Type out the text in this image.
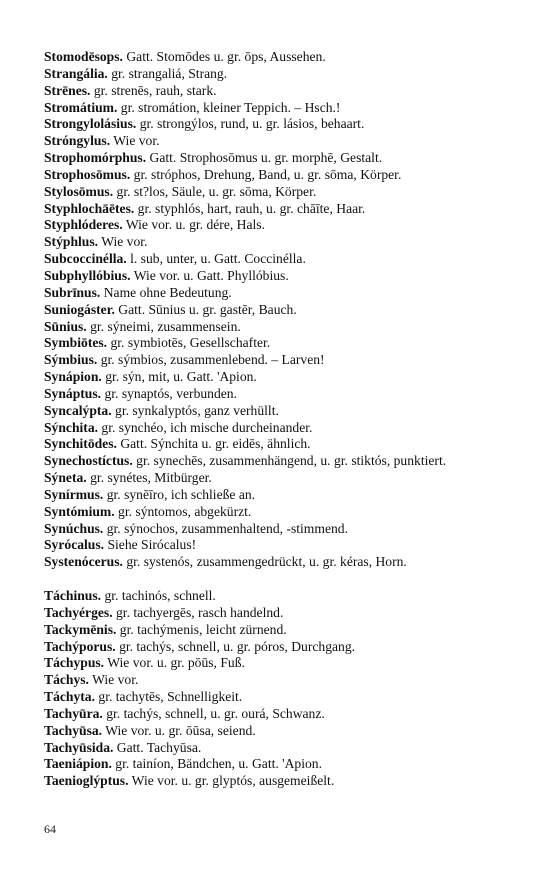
Stomodēsops. Gatt. Stomōdes u. gr. ōps, Aussehen.
Strangália. gr. strangaliá, Strang.
Strēnes. gr. strenēs, rauh, stark.
Stromátium. gr. stromátion, kleiner Teppich. – Hsch.!
Strongylolásius. gr. strongýlos, rund, u. gr. lásios, behaart.
Stróngylus. Wie vor.
Strophomórphus. Gatt. Strophosōmus u. gr. morphē, Gestalt.
Strophosōmus. gr. stróphos, Drehung, Band, u. gr. sōma, Körper.
Stylosōmus. gr. st?los, Säule, u. gr. sōma, Körper.
Styphlochāētes. gr. styphlós, hart, rauh, u. gr. chāīte, Haar.
Styphlóderes. Wie vor. u. gr. dére, Hals.
Stýphlus. Wie vor.
Subcoccinélla. l. sub, unter, u. Gatt. Coccinélla.
Subphyllóbius. Wie vor. u. Gatt. Phyllóbius.
Subrīnus. Name ohne Bedeutung.
Suniogáster. Gatt. Sūnius u. gr. gastēr, Bauch.
Sūnius. gr. sýneimi, zusammensein.
Symbiōtes. gr. symbiotēs, Gesellschafter.
Sýmbius. gr. sýmbios, zusammenlebend. – Larven!
Synápion. gr. sýn, mit, u. Gatt. 'Apion.
Synáptus. gr. synaptós, verbunden.
Syncalýpta. gr. synkalyptós, ganz verhüllt.
Sýnchita. gr. synchéo, ich mische durcheinander.
Synchitōdes. Gatt. Sýnchita u. gr. eidēs, ähnlich.
Synechostíctus. gr. synechēs, zusammenhängend, u. gr. stiktós, punktiert.
Sýneta. gr. synétes, Mitbürger.
Synírmus. gr. synēīro, ich schließe an.
Syntómium. gr. sýntomos, abgekürzt.
Synúchus. gr. sýnochos, zusammenhaltend, -stimmend.
Syrócalus. Siehe Sirócalus!
Systenócerus. gr. systenós, zusammengedrückt, u. gr. kéras, Horn.
Táchinus. gr. tachinós, schnell.
Tachyérges. gr. tachyergēs, rasch handelnd.
Tackymēnis. gr. tachýmenis, leicht zürnend.
Tachýporus. gr. tachýs, schnell, u. gr. póros, Durchgang.
Táchypus. Wie vor. u. gr. pōūs, Fuß.
Táchys. Wie vor.
Táchyta. gr. tachytēs, Schnelligkeit.
Tachyūra. gr. tachýs, schnell, u. gr. ourá, Schwanz.
Tachyūsa. Wie vor. u. gr. ōūsa, seiend.
Tachyūsida. Gatt. Tachyūsa.
Taeniápion. gr. tainíon, Bändchen, u. Gatt. 'Apion.
Taenioglýptus. Wie vor. u. gr. glyptós, ausgemeißelt.
64
